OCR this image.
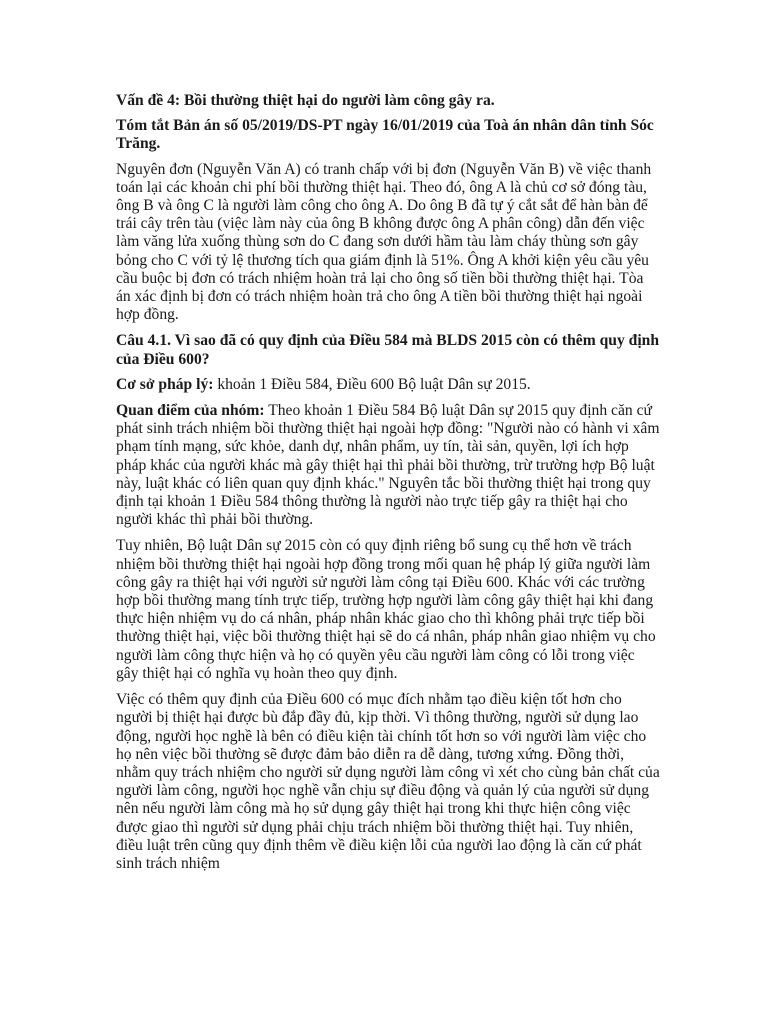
Vấn đề 4: Bồi thường thiệt hại do người làm công gây ra.

Tóm tắt Bản án số 05/2019/DS-PT ngày 16/01/2019 của Toà án nhân dân tỉnh Sóc Trăng.

Nguyên đơn (Nguyễn Văn A) có tranh chấp với bị đơn (Nguyễn Văn B) về việc thanh toán lại các khoản chi phí bồi thường thiệt hại. Theo đó, ông A là chủ cơ sở đóng tàu, ông B và ông C là người làm công cho ông A. Do ông B đã tự ý cắt sắt để hàn bàn để trái cây trên tàu (việc làm này của ông B không được ông A phân công) dẫn đến việc làm văng lửa xuống thùng sơn do C đang sơn dưới hầm tàu làm cháy thùng sơn gây bỏng cho C với tỷ lệ thương tích qua giám định là 51%. Ông A khởi kiện yêu cầu yêu cầu buộc bị đơn có trách nhiệm hoàn trả lại cho ông số tiền bồi thường thiệt hại. Tòa án xác định bị đơn có trách nhiệm hoàn trả cho ông A tiền bồi thường thiệt hại ngoài hợp đồng.

Câu 4.1. Vì sao đã có quy định của Điều 584 mà BLDS 2015 còn có thêm quy định của Điều 600?

Cơ sở pháp lý: khoản 1 Điều 584, Điều 600 Bộ luật Dân sự 2015.

Quan điểm của nhóm: Theo khoản 1 Điều 584 Bộ luật Dân sự 2015 quy định căn cứ phát sinh trách nhiệm bồi thường thiệt hại ngoài hợp đồng: "Người nào có hành vi xâm phạm tính mạng, sức khỏe, danh dự, nhân phẩm, uy tín, tài sản, quyền, lợi ích hợp pháp khác của người khác mà gây thiệt hại thì phải bồi thường, trừ trường hợp Bộ luật này, luật khác có liên quan quy định khác." Nguyên tắc bồi thường thiệt hại trong quy định tại khoản 1 Điều 584 thông thường là người nào trực tiếp gây ra thiệt hại cho người khác thì phải bồi thường.

Tuy nhiên, Bộ luật Dân sự 2015 còn có quy định riêng bổ sung cụ thể hơn về trách nhiệm bồi thường thiệt hại ngoài hợp đồng trong mối quan hệ pháp lý giữa người làm công gây ra thiệt hại với người sử người làm công tại Điều 600. Khác với các trường hợp bồi thường mang tính trực tiếp, trường hợp người làm công gây thiệt hại khi đang thực hiện nhiệm vụ do cá nhân, pháp nhân khác giao cho thì không phải trực tiếp bồi thường thiệt hại, việc bồi thường thiệt hại sẽ do cá nhân, pháp nhân giao nhiệm vụ cho người làm công thực hiện và họ có quyền yêu cầu người làm công có lỗi trong việc gây thiệt hại có nghĩa vụ hoàn theo quy định.

Việc có thêm quy định của Điều 600 có mục đích nhằm tạo điều kiện tốt hơn cho người bị thiệt hại được bù đắp đầy đủ, kịp thời. Vì thông thường, người sử dụng lao động, người học nghề là bên có điều kiện tài chính tốt hơn so với người làm việc cho họ nên việc bồi thường sẽ được đảm bảo diễn ra dễ dàng, tương xứng. Đồng thời, nhằm quy trách nhiệm cho người sử dụng người làm công vì xét cho cùng bản chất của người làm công, người học nghề vẫn chịu sự điều động và quản lý của người sử dụng nên nếu người làm công mà họ sử dụng gây thiệt hại trong khi thực hiện công việc được giao thì người sử dụng phải chịu trách nhiệm bồi thường thiệt hại. Tuy nhiên, điều luật trên cũng quy định thêm về điều kiện lỗi của người lao động là căn cứ phát sinh trách nhiệm
